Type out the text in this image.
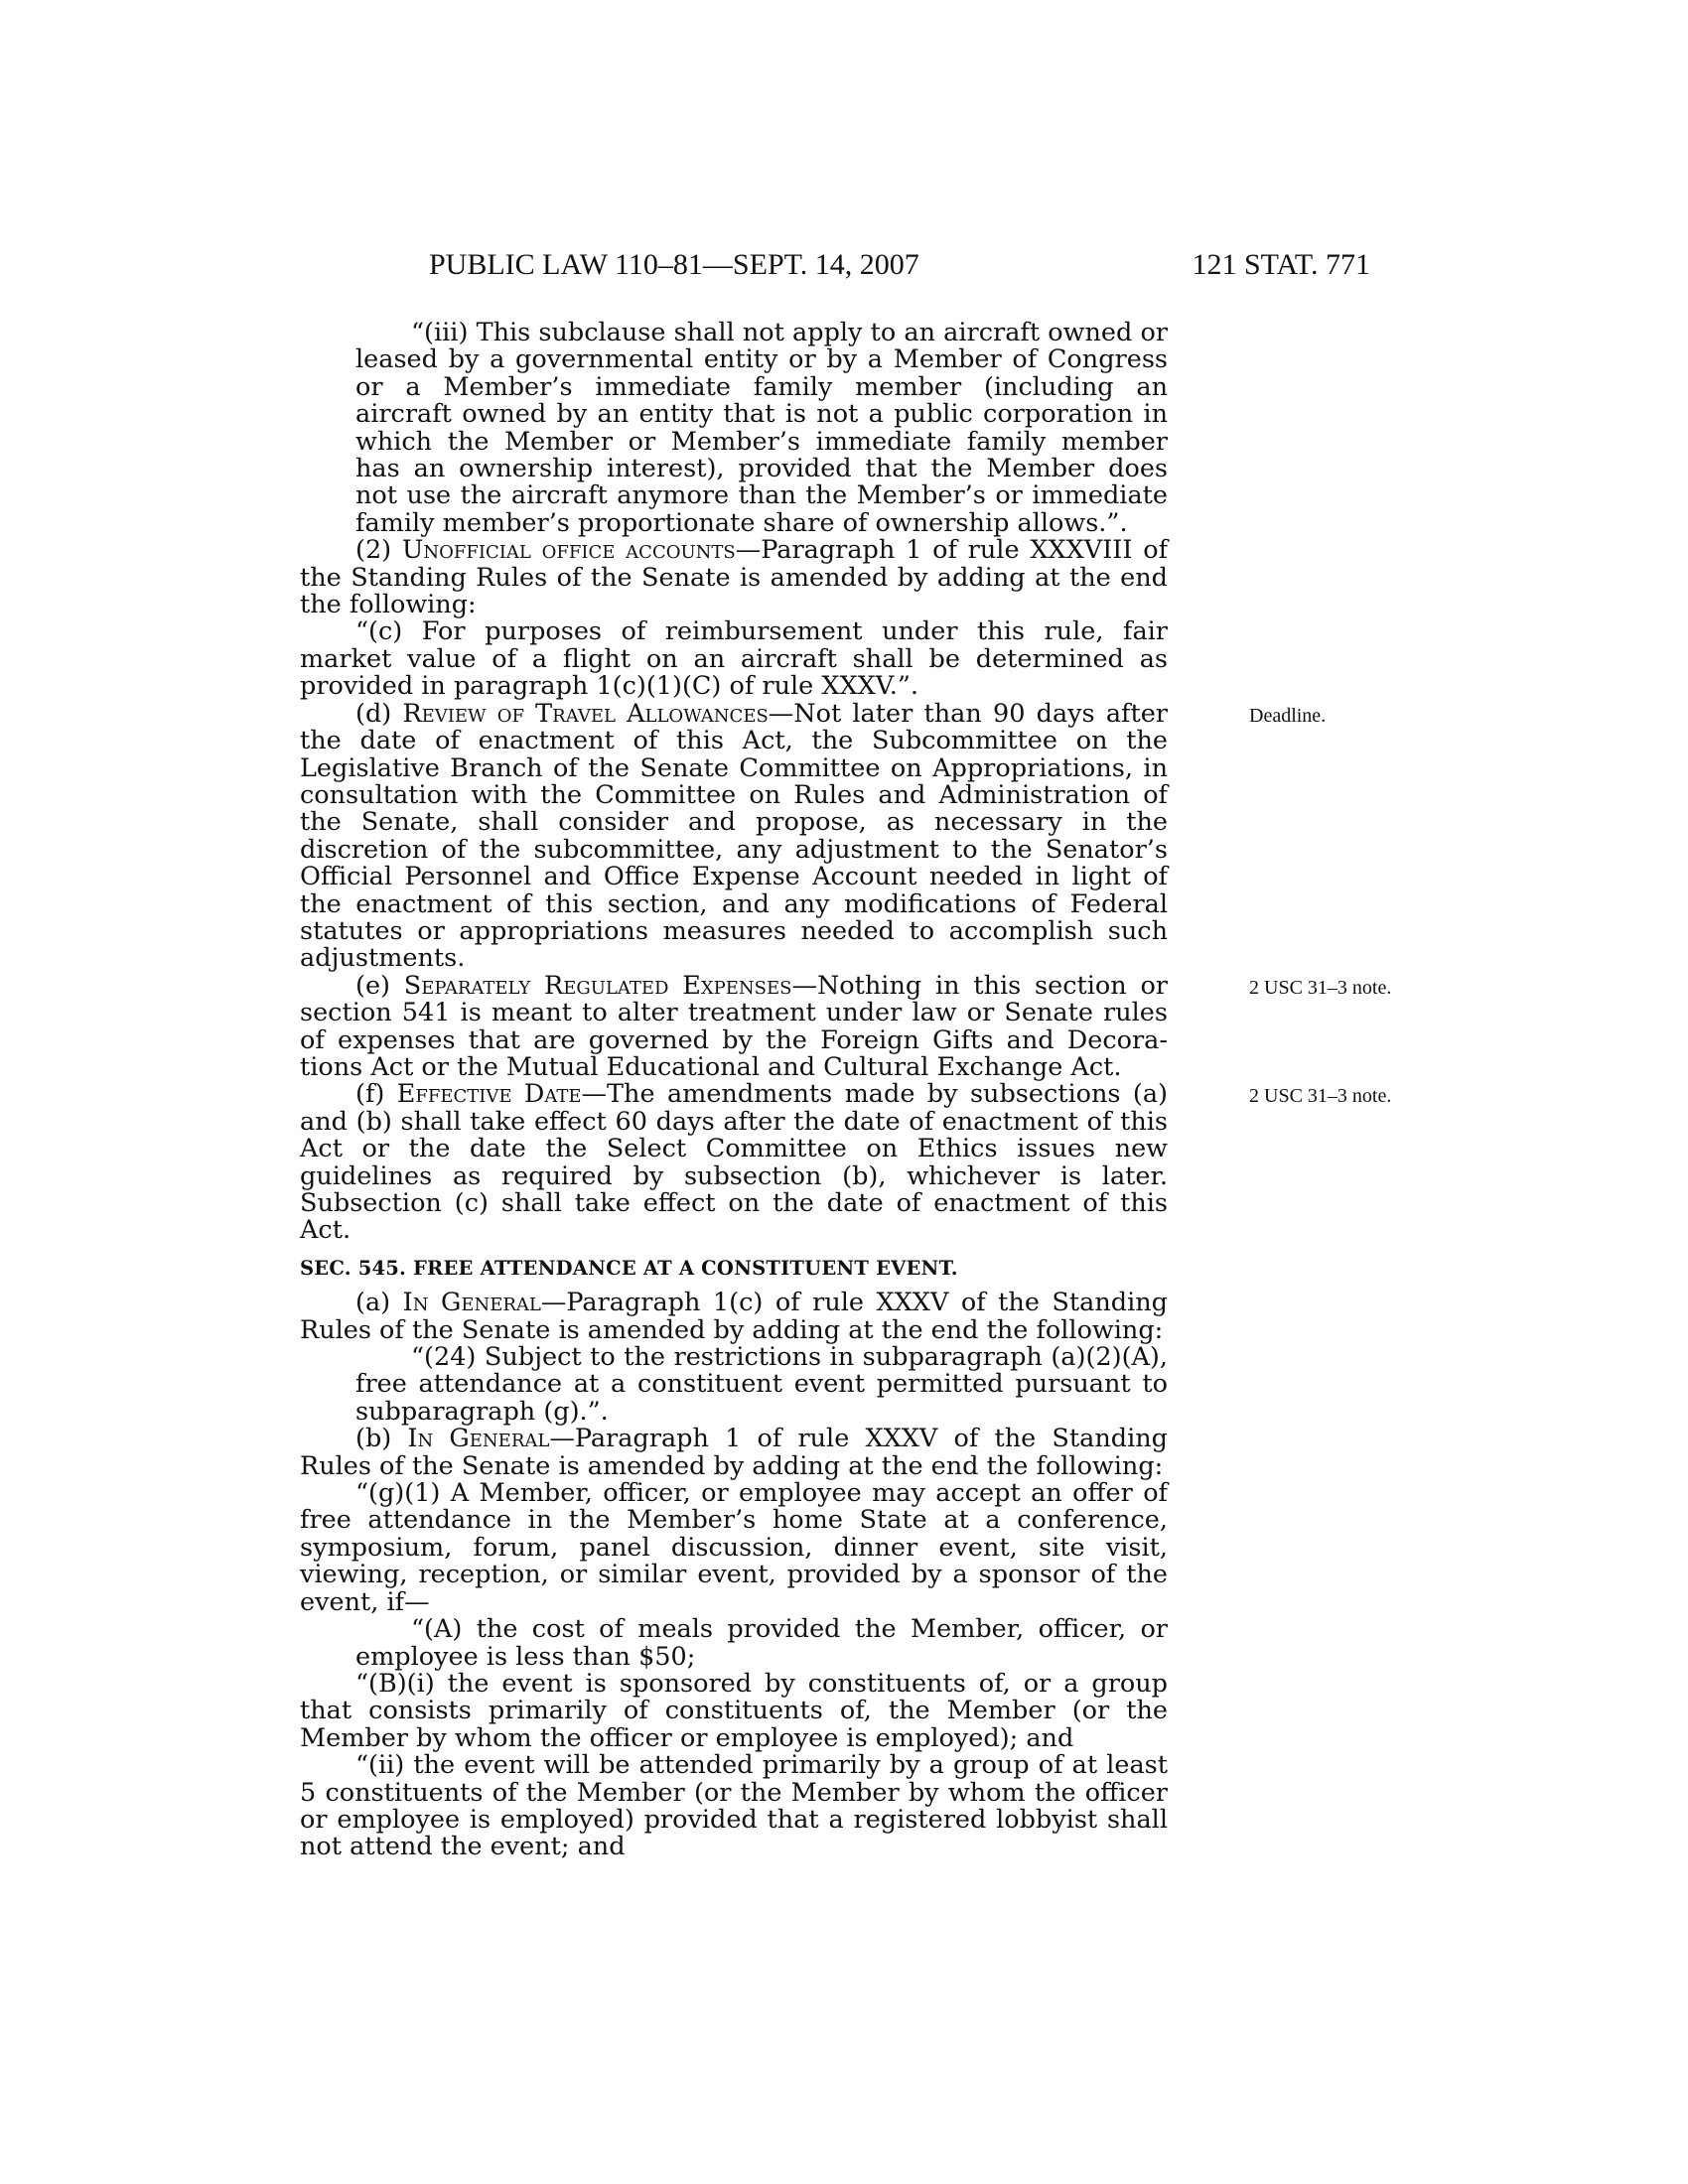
PUBLIC LAW 110–81—SEPT. 14, 2007	121 STAT. 771

“(iii) This subclause shall not apply to an aircraft owned or leased by a governmental entity or by a Member of Congress or a Member’s immediate family member (including an aircraft owned by an entity that is not a public corporation in which the Member or Member’s immediate family member has an ownership interest), provided that the Member does not use the aircraft anymore than the Member’s or immediate family member’s proportionate share of ownership allows.”.

(2) Unofficial office accounts—Paragraph 1 of rule XXXVIII of the Standing Rules of the Senate is amended by adding at the end the following:

“(c) For purposes of reimbursement under this rule, fair market value of a flight on an aircraft shall be determined as provided in paragraph 1(c)(1)(C) of rule XXXV.”.

(d) Review of Travel Allowances—Not later than 90 days after the date of enactment of this Act, the Subcommittee on the Legislative Branch of the Senate Committee on Appropriations, in consultation with the Committee on Rules and Administration of the Senate, shall consider and propose, as necessary in the discretion of the subcommittee, any adjustment to the Senator’s Official Personnel and Office Expense Account needed in light of the enactment of this section, and any modifications of Federal statutes or appropriations measures needed to accomplish such adjustments.
Deadline.

(e) Separately Regulated Expenses—Nothing in this section or section 541 is meant to alter treatment under law or Senate rules of expenses that are governed by the Foreign Gifts and Decorations Act or the Mutual Educational and Cultural Exchange Act.
2 USC 31–3 note.

(f) Effective Date—The amendments made by subsections (a) and (b) shall take effect 60 days after the date of enactment of this Act or the date the Select Committee on Ethics issues new guidelines as required by subsection (b), whichever is later. Subsection (c) shall take effect on the date of enactment of this Act.
2 USC 31–3 note.

SEC. 545. FREE ATTENDANCE AT A CONSTITUENT EVENT.

(a) In General—Paragraph 1(c) of rule XXXV of the Standing Rules of the Senate is amended by adding at the end the following:

“(24) Subject to the restrictions in subparagraph (a)(2)(A), free attendance at a constituent event permitted pursuant to subparagraph (g).”.

(b) In General—Paragraph 1 of rule XXXV of the Standing Rules of the Senate is amended by adding at the end the following:

“(g)(1) A Member, officer, or employee may accept an offer of free attendance in the Member’s home State at a conference, symposium, forum, panel discussion, dinner event, site visit, viewing, reception, or similar event, provided by a sponsor of the event, if—

“(A) the cost of meals provided the Member, officer, or employee is less than $50;

“(B)(i) the event is sponsored by constituents of, or a group that consists primarily of constituents of, the Member (or the Member by whom the officer or employee is employed); and

“(ii) the event will be attended primarily by a group of at least 5 constituents of the Member (or the Member by whom the officer or employee is employed) provided that a registered lobbyist shall not attend the event; and
